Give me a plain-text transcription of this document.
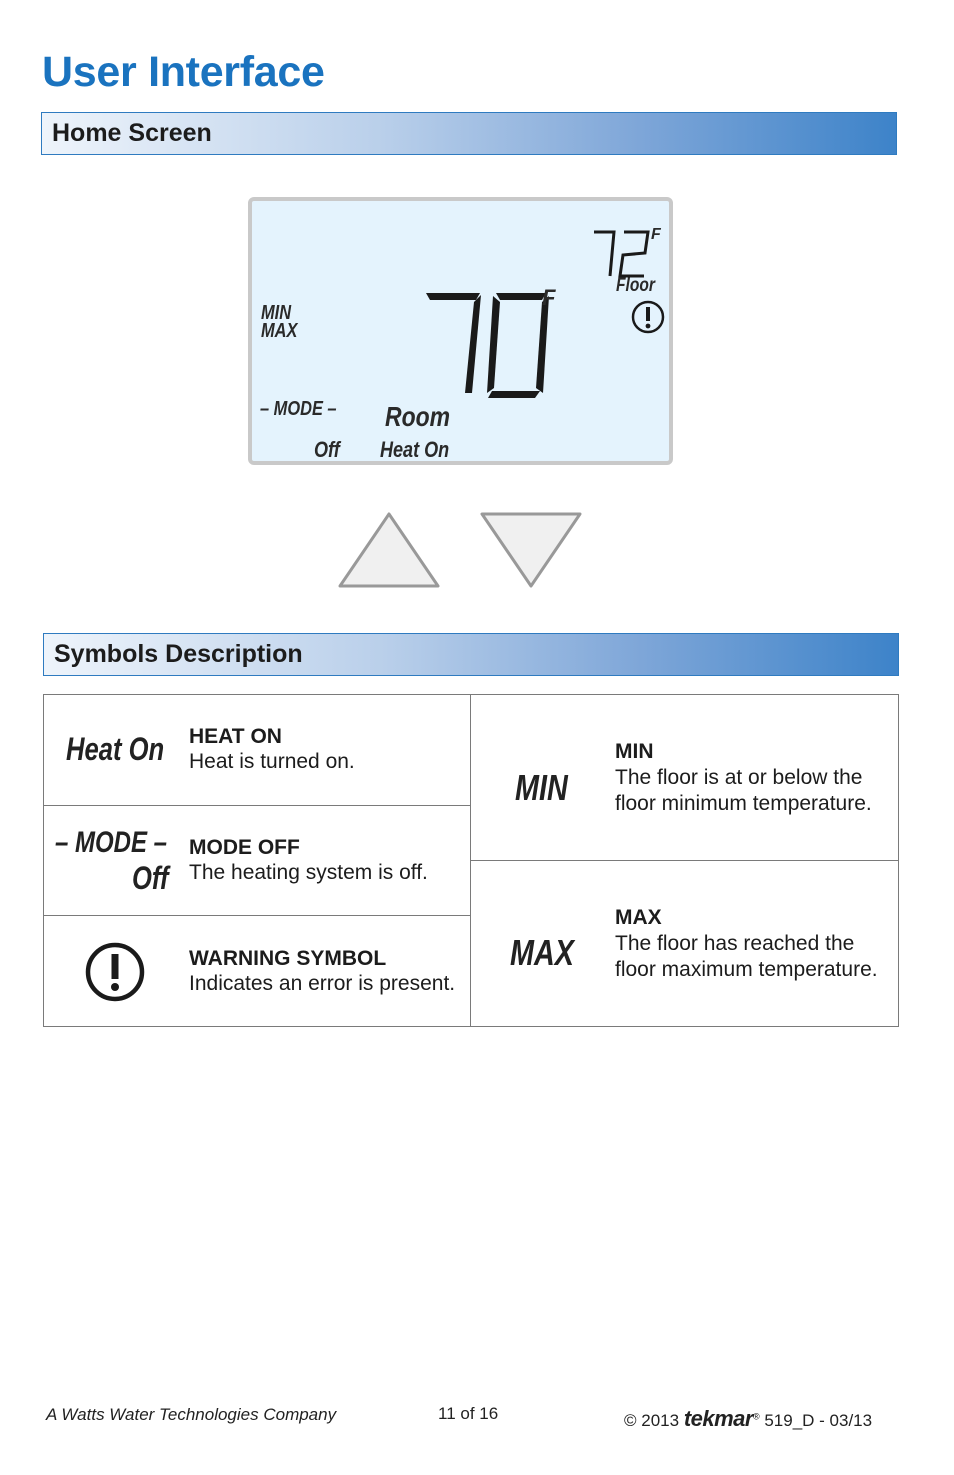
User Interface
Home Screen
MIN
MAX
– MODE –
Off
Room
Heat On
Floor
F
F
Symbols Description
Heat On HEAT ON
Heat is turned on.
– MODE –
Off
MODE OFF
The heating system is off.
WARNING SYMBOL
Indicates an error is present.
MIN
MIN
The floor is at or below the
floor minimum temperature.
MAX
MAX
The floor has reached the
floor maximum temperature.
A Watts Water Technologies Company	11 of 16	© 2013 tekmar® 519_D - 03/13
